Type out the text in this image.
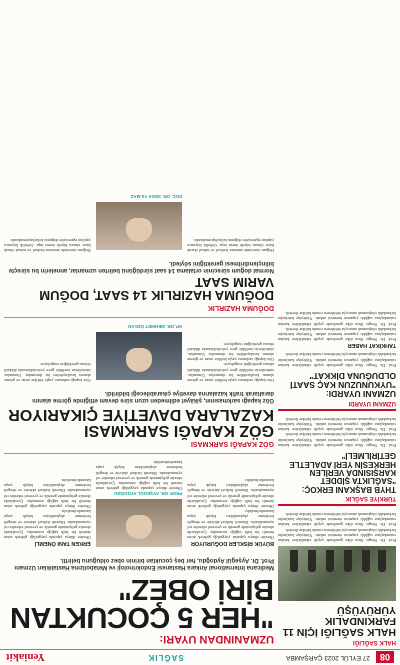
08
27 EYLÜL 2023 ÇARŞAMBA
SAĞLIK
Yeniakit
HALK SAĞLIĞI
HALK SAĞLIĞI İÇİN 11 FARKINDALIK YÜRÜYÜŞÜ
Prof. Dr. Nergis Akın ülke genelinde çeşitli etkinliklere katılan vatandaşlara sağlıklı yaşamın önemini anlattı. Yürüyüşe katılanlar farkındalık oluşturmak amacıyla belirlenen rotada birlikte ilerledi.
Prof. Dr. Nergis Akın ülke genelinde çeşitli etkinliklere katılan vatandaşlara sağlıklı yaşamın önemini anlattı. Yürüyüşe katılanlar farkındalık oluşturmak amacıyla belirlenen rotada birlikte ilerledi.
TÜRKİYE SAĞLIK
THYB BAŞKANI ERKOÇ: "SAĞLIKTA ŞİDDET KARŞISINDA VERİLEN HERKESİN YERİ ADALETLE GETİRİLMELİ"
Prof. Dr. Nergis Akın ülke genelinde çeşitli etkinliklere katılan vatandaşlara sağlıklı yaşamın önemini anlattı. Yürüyüşe katılanlar farkındalık oluşturmak amacıyla belirlenen rotada birlikte ilerledi.
Prof. Dr. Nergis Akın ülke genelinde çeşitli etkinliklere katılan vatandaşlara sağlıklı yaşamın önemini anlattı. Yürüyüşe katılanlar farkındalık oluşturmak amacıyla belirlenen rotada birlikte ilerledi.
UZMANI UYARDI
UZMANI UYARDI: "UYKUNUZUN KAÇ SAATİ OLDUĞUNA DİKKAT"
Prof. Dr. Nergis Akın ülke genelinde çeşitli etkinliklere katılan vatandaşlara sağlıklı yaşamın önemini anlattı. Yürüyüşe katılanlar farkındalık oluşturmak amacıyla belirlenen rotada birlikte ilerledi.
TAHKİKAT HABER
Prof. Dr. Nergis Akın ülke genelinde çeşitli etkinliklere katılan vatandaşlara sağlıklı yaşamın önemini anlattı. Yürüyüşe katılanlar farkındalık oluşturmak amacıyla belirlenen rotada birlikte ilerledi.
Prof. Dr. Nergis Akın ülke genelinde çeşitli etkinliklere katılan vatandaşlara sağlıklı yaşamın önemini anlattı. Yürüyüşe katılanlar farkındalık oluşturmak amacıyla belirlenen rotada birlikte ilerledi.
UZMANINDAN UYARI:
"HER 5 ÇOCUKTAN BİRİ OBEZ"
Medicana International Ankara Hastanesi Endokrinoloji ve Metabolizma Hastalıkları Uzmanı Prof. Dr. Ayşegül Aydoğdu, her beş çocuktan birinin obez olduğunu belirtti.
BÜYÜK RİSKLER DOĞURUYOR
Obezite dünya çapında yaygınlığı giderek artan önemli bir halk sağlığı sorunudur. Çocuklarda obezite gelişiminde genetik ve çevresel etkenler rol oynamaktadır. Düzenli fiziksel aktivite ve dengeli beslenme alışkanlıkları küçük yaşta kazandırılmalıdır.
Obezite dünya çapında yaygınlığı giderek artan önemli bir halk sağlığı sorunudur. Çocuklarda obezite gelişiminde genetik ve çevresel etkenler rol oynamaktadır. Düzenli fiziksel aktivite ve dengeli beslenme alışkanlıkları küçük yaşta kazandırılmalıdır.
PROF. DR. AYŞEGÜL AYDOĞDU
Obezite dünya çapında yaygınlığı giderek artan önemli bir halk sağlığı sorunudur. Çocuklarda obezite gelişiminde genetik ve çevresel etkenler rol oynamaktadır. Düzenli fiziksel aktivite ve dengeli beslenme alışkanlıkları küçük yaşta kazandırılmalıdır.
ERKEN TANI ÖNEMLİ
Obezite dünya çapında yaygınlığı giderek artan önemli bir halk sağlığı sorunudur. Çocuklarda obezite gelişiminde genetik ve çevresel etkenler rol oynamaktadır. Düzenli fiziksel aktivite ve dengeli beslenme alışkanlıkları küçük yaşta kazandırılmalıdır.
Obezite dünya çapında yaygınlığı giderek artan önemli bir halk sağlığı sorunudur. Çocuklarda obezite gelişiminde genetik ve çevresel etkenler rol oynamaktadır. Düzenli fiziksel aktivite ve dengeli beslenme alışkanlıkları küçük yaşta kazandırılmalıdır.
GÖZ KAPAĞI SARKMASI
GÖZ KAPAĞI SARKMASI KAZALARA DAVETİYE ÇIKARIYOR
Göz kapağı sarkmasının, şikâyet edilmeden uzun süre devam ettiğinde görme alanını daraltarak trafik kazalarına davetiye çıkarabileceği bildirildi.
Göz kapağı sarkması yaşla birlikte artan ve görme alanını kısıtlayabilen bir durumdur. Uzmanlar, sürücülerin özellikle gece yolculuklarında dikkatli olması gerektiğini vurguluyor.
Göz kapağı sarkması yaşla birlikte artan ve görme alanını kısıtlayabilen bir durumdur. Uzmanlar, sürücülerin özellikle gece yolculuklarında dikkatli olması gerektiğini vurguluyor.
OP. DR. MEHMET ÖZKAN
Göz kapağı sarkması yaşla birlikte artan ve görme alanını kısıtlayabilen bir durumdur. Uzmanlar, sürücülerin özellikle gece yolculuklarında dikkatli olması gerektiğini vurguluyor.
DOĞUMA HAZIRLIK
DOĞUMA HAZIRLIK 14 SAAT, DOĞUM VARIM SAAT
Normal doğum sürecinin ortalama 14 saat sürdüğünü belirten uzmanlar, annelerin bu süreçte bilinçlendirilmesi gerektiğini söyledi.
Doğum sürecinde annenin fiziksel ve ruhsal olarak hazır olması büyük önem taşır. Gebelik boyunca yapılan egzersizler doğumu kolaylaştırmaktadır.
DOÇ. DR. SEDA YILMAZ
Doğum sürecinde annenin fiziksel ve ruhsal olarak hazır olması büyük önem taşır. Gebelik boyunca yapılan egzersizler doğumu kolaylaştırmaktadır.
